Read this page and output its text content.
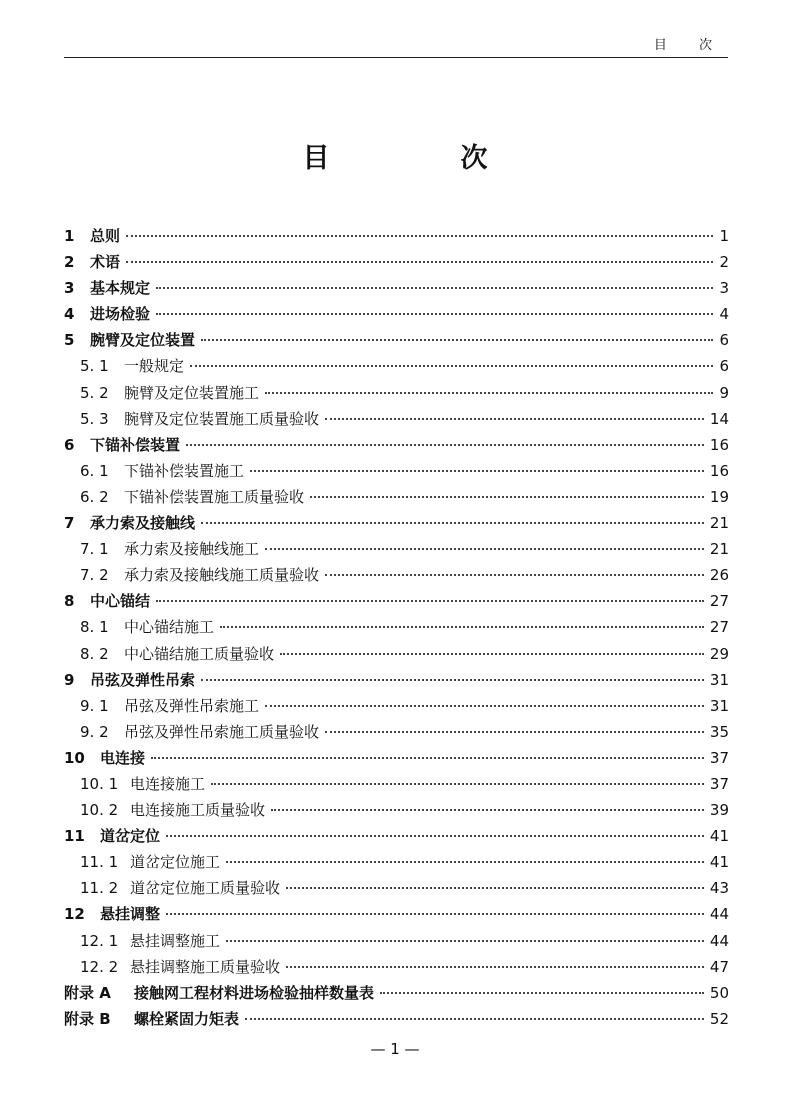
目 次
目　次
1	总则	1
2	术语	2
3	基本规定	3
4	进场检验	4
5	腕臂及定位装置	6
5. 1	一般规定	6
5. 2	腕臂及定位装置施工	9
5. 3	腕臂及定位装置施工质量验收	14
6	下锚补偿装置	16
6. 1	下锚补偿装置施工	16
6. 2	下锚补偿装置施工质量验收	19
7	承力索及接触线	21
7. 1	承力索及接触线施工	21
7. 2	承力索及接触线施工质量验收	26
8	中心锚结	27
8. 1	中心锚结施工	27
8. 2	中心锚结施工质量验收	29
9	吊弦及弹性吊索	31
9. 1	吊弦及弹性吊索施工	31
9. 2	吊弦及弹性吊索施工质量验收	35
10	电连接	37
10. 1 电连接施工	37
10. 2 电连接施工质量验收	39
11	道岔定位	41
11. 1 道岔定位施工	41
11. 2 道岔定位施工质量验收	43
12	悬挂调整	44
12. 1 悬挂调整施工	44
12. 2 悬挂调整施工质量验收	47
附录 A	接触网工程材料进场检验抽样数量表	50
附录 B	螺栓紧固力矩表	52
— 1 —
